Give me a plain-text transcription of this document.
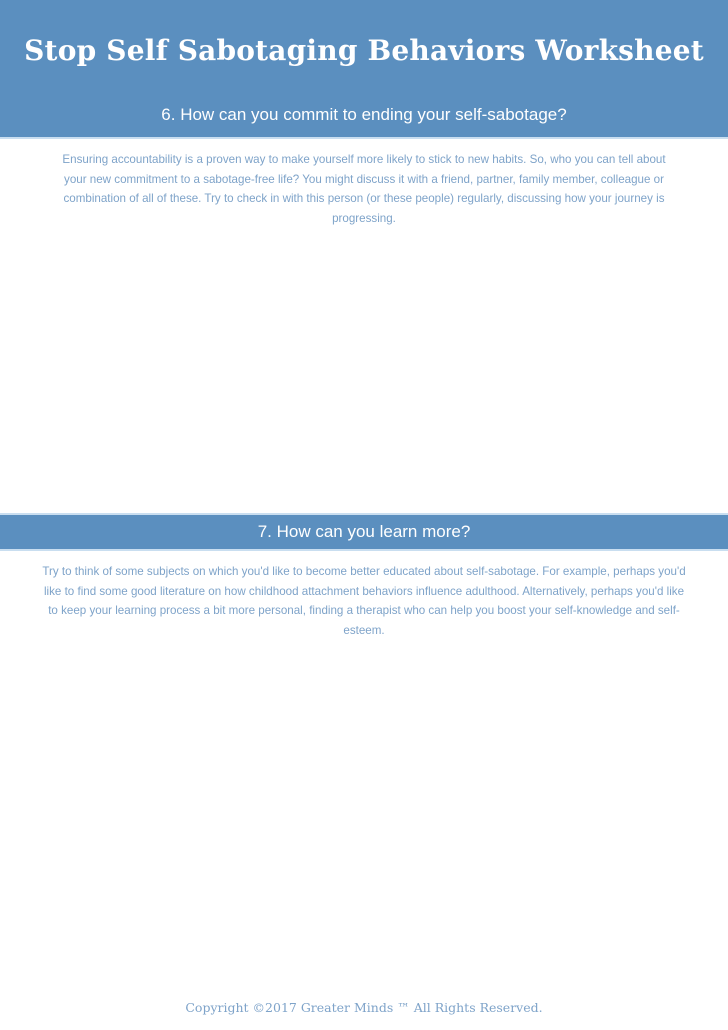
Stop Self Sabotaging Behaviors Worksheet
6. How can you commit to ending your self-sabotage?
Ensuring accountability is a proven way to make yourself more likely to stick to new habits. So, who you can tell about your new commitment to a sabotage-free life? You might discuss it with a friend, partner, family member, colleague or combination of all of these. Try to check in with this person (or these people) regularly, discussing how your journey is progressing.
7. How can you learn more?
Try to think of some subjects on which you'd like to become better educated about self-sabotage. For example, perhaps you'd like to find some good literature on how childhood attachment behaviors influence adulthood. Alternatively, perhaps you'd like to keep your learning process a bit more personal, finding a therapist who can help you boost your self-knowledge and self-esteem.
Copyright ©2017 Greater Minds ™ All Rights Reserved.
